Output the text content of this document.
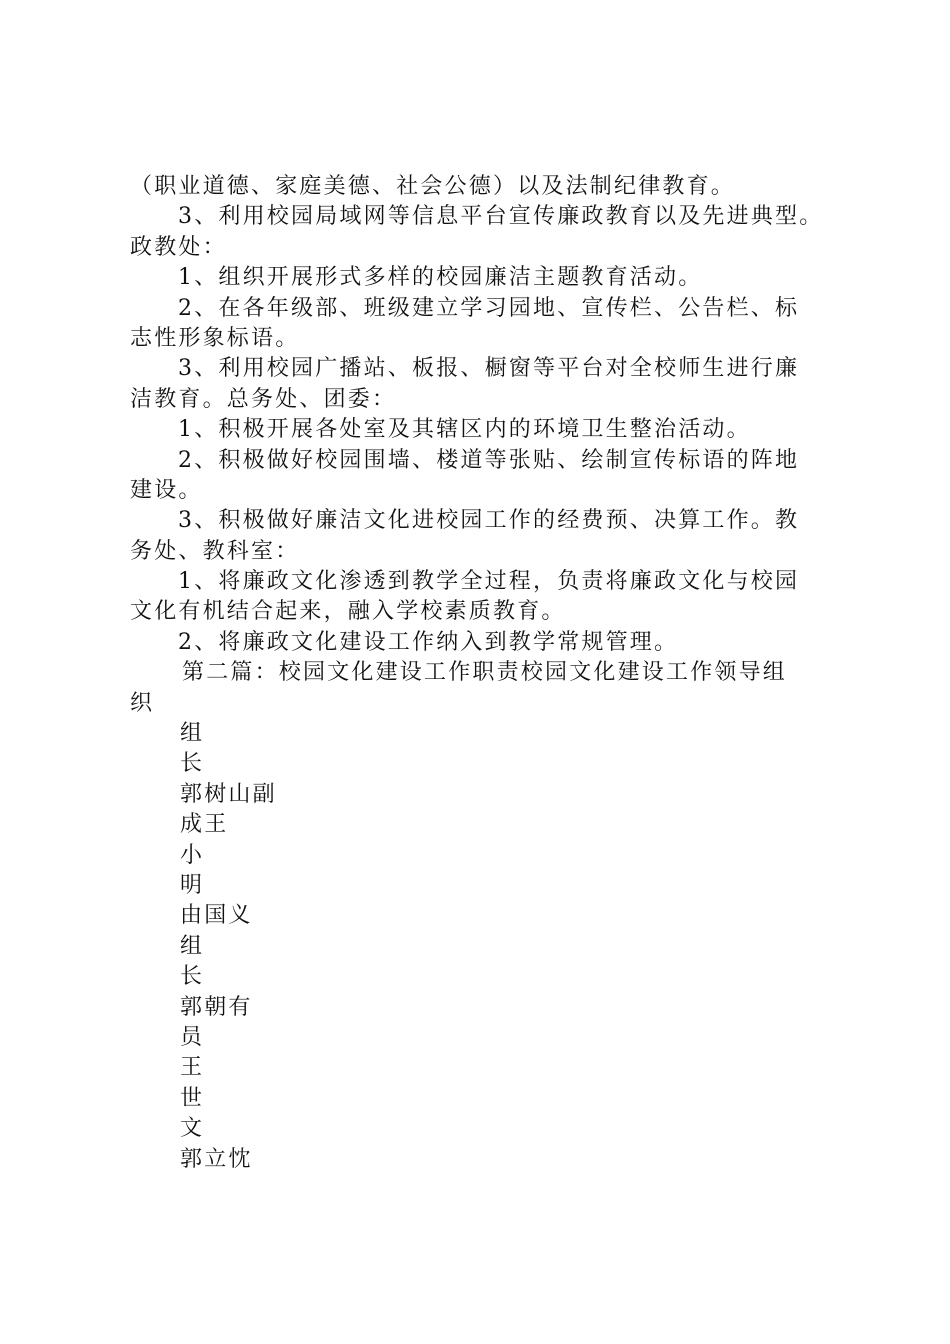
（职业道德、家庭美德、社会公德）以及法制纪律教育。
3、利用校园局域网等信息平台宣传廉政教育以及先进典型。
政教处：
1、组织开展形式多样的校园廉洁主题教育活动。
2、在各年级部、班级建立学习园地、宣传栏、公告栏、标
志性形象标语。
3、利用校园广播站、板报、橱窗等平台对全校师生进行廉
洁教育。总务处、团委：
1、积极开展各处室及其辖区内的环境卫生整治活动。
2、积极做好校园围墙、楼道等张贴、绘制宣传标语的阵地
建设。
3、积极做好廉洁文化进校园工作的经费预、决算工作。教
务处、教科室：
1、将廉政文化渗透到教学全过程，负责将廉政文化与校园
文化有机结合起来，融入学校素质教育。
2、将廉政文化建设工作纳入到教学常规管理。
第二篇：校园文化建设工作职责校园文化建设工作领导组
织
组
长
郭树山副
成王
小
明
由国义
组
长
郭朝有
员
王
世
文
郭立忱
